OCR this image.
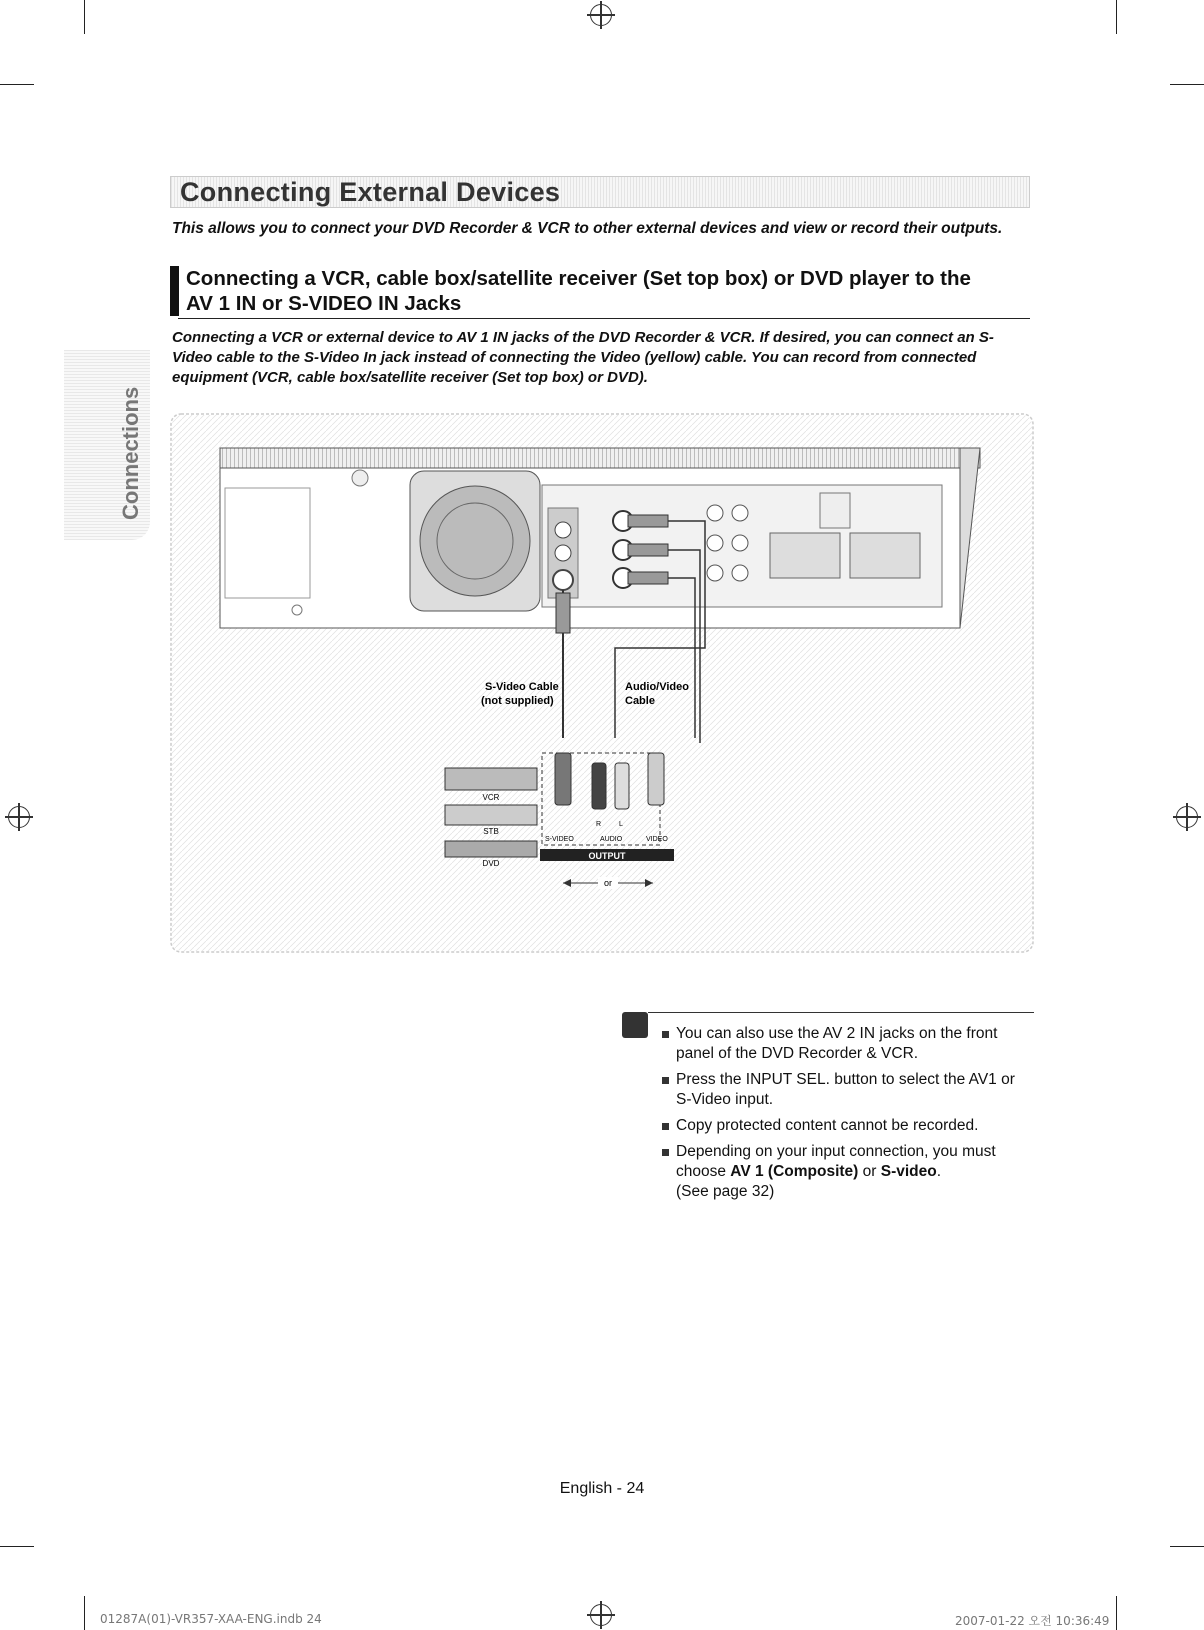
Connections
Connecting External Devices
This allows you to connect your DVD Recorder & VCR to other external devices and view or record their outputs.
Connecting a VCR, cable box/satellite receiver (Set top box) or DVD player to the
AV 1 IN or S-VIDEO IN Jacks
Connecting a VCR or external device to AV 1 IN jacks of the DVD Recorder & VCR. If desired, you can connect an S-Video cable to the S-Video In jack instead of connecting the Video (yellow) cable. You can record from connected equipment (VCR, cable box/satellite receiver (Set top box) or DVD).
S-Video Cable
(not supplied)
Audio/Video
Cable
VCR
STB
DVD
S-VIDEO
R	L
AUDIO	VIDEO
OUTPUT
or
You can also use the AV 2 IN jacks on the front panel of the DVD Recorder & VCR.
Press the INPUT SEL. button to select the AV1 or S-Video input.
Copy protected content cannot be recorded.
Depending on your input connection, you must choose AV 1 (Composite) or S-video.
(See page 32)
English - 24
01287A(01)-VR357-XAA-ENG.indb 24	2007-01-22 오전 10:36:49
